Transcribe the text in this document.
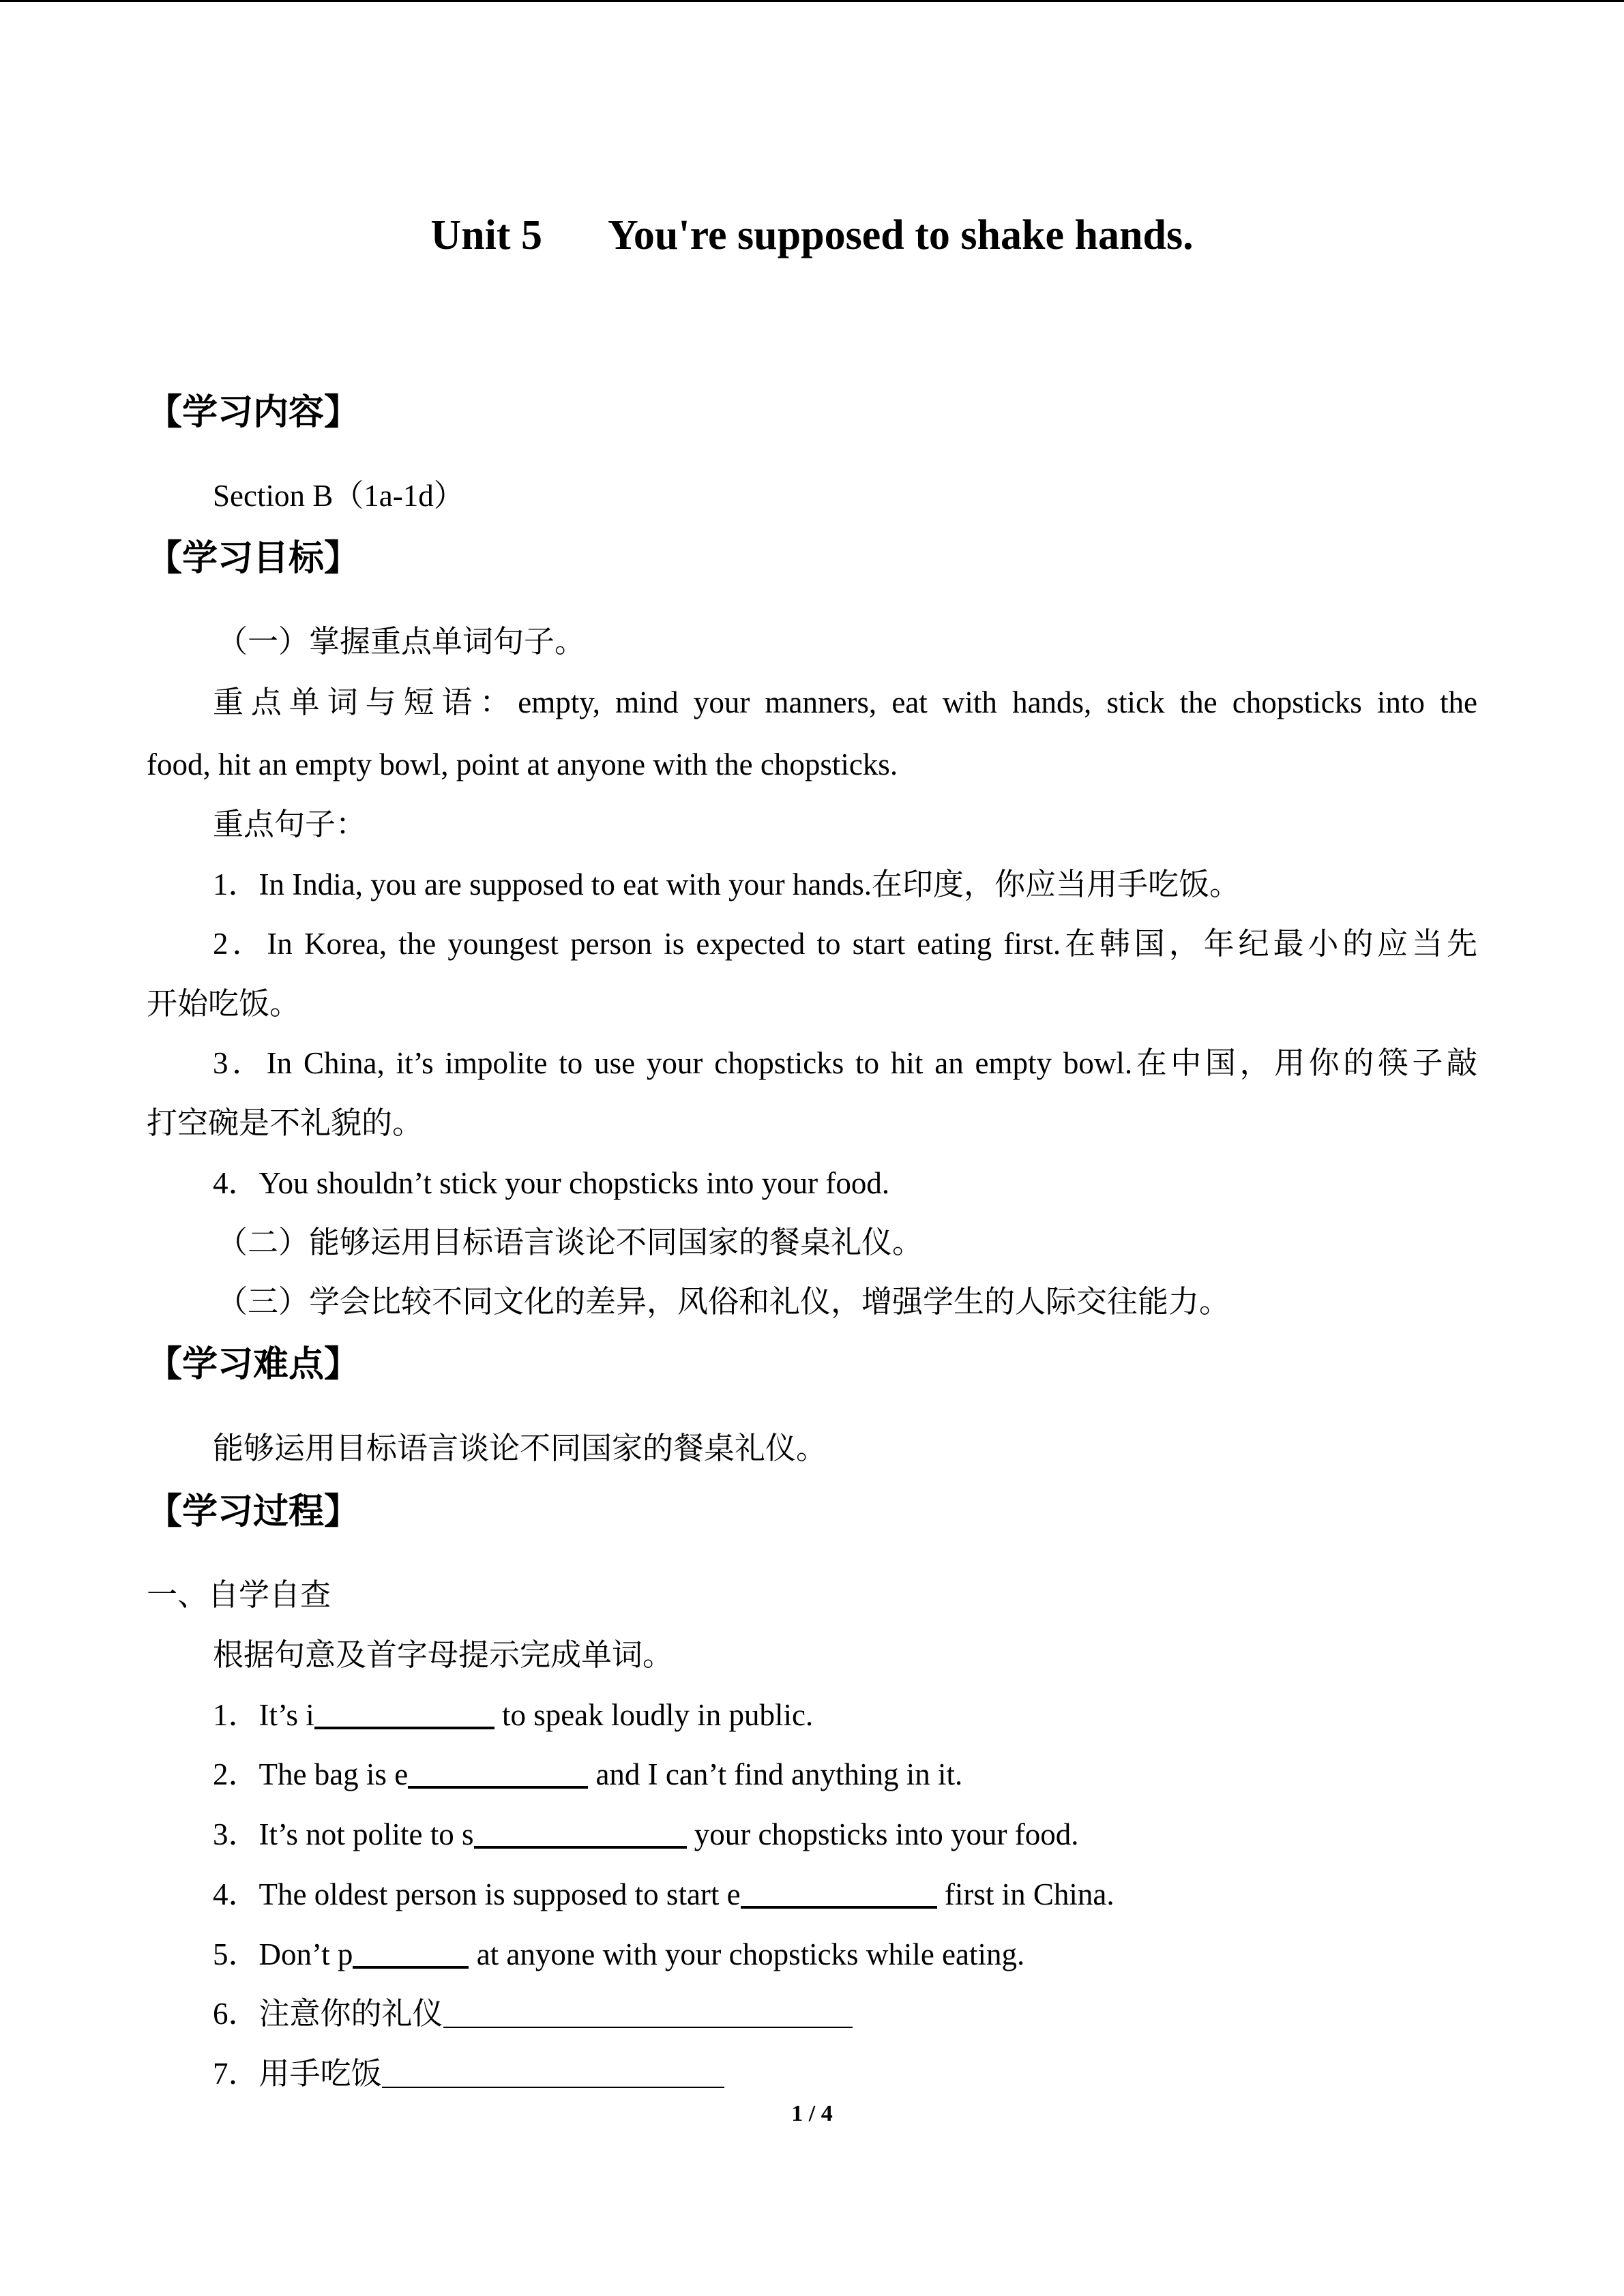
Unit 5 You're supposed to shake hands.
【学习内容】
Section B（1a-1d）
【学习目标】
（一）掌握重点单词句子。
重点单词与短语：empty, mind your manners, eat with hands, stick the chopsticks into the
food, hit an empty bowl, point at anyone with the chopsticks.
重点句子：
1．In India, you are supposed to eat with your hands.在印度，你应当用手吃饭。
2．In Korea, the youngest person is expected to start eating first.在韩国，年纪最小的应当先
开始吃饭。
3．In China, it’s impolite to use your chopsticks to hit an empty bowl.在中国，用你的筷子敲
打空碗是不礼貌的。
4．You shouldn’t stick your chopsticks into your food.
（二）能够运用目标语言谈论不同国家的餐桌礼仪。
（三）学会比较不同文化的差异，风俗和礼仪，增强学生的人际交往能力。
【学习难点】
能够运用目标语言谈论不同国家的餐桌礼仪。
【学习过程】
一、自学自查
根据句意及首字母提示完成单词。
1．It’s i	to speak loudly in public.
2．The bag is e	and I can’t find anything in it.
3．It’s not polite to s	your chopsticks into your food.
4．The oldest person is supposed to start e	first in China.
5．Don’t p	at anyone with your chopsticks while eating.
6．注意你的礼仪
7．用手吃饭
1 / 4
